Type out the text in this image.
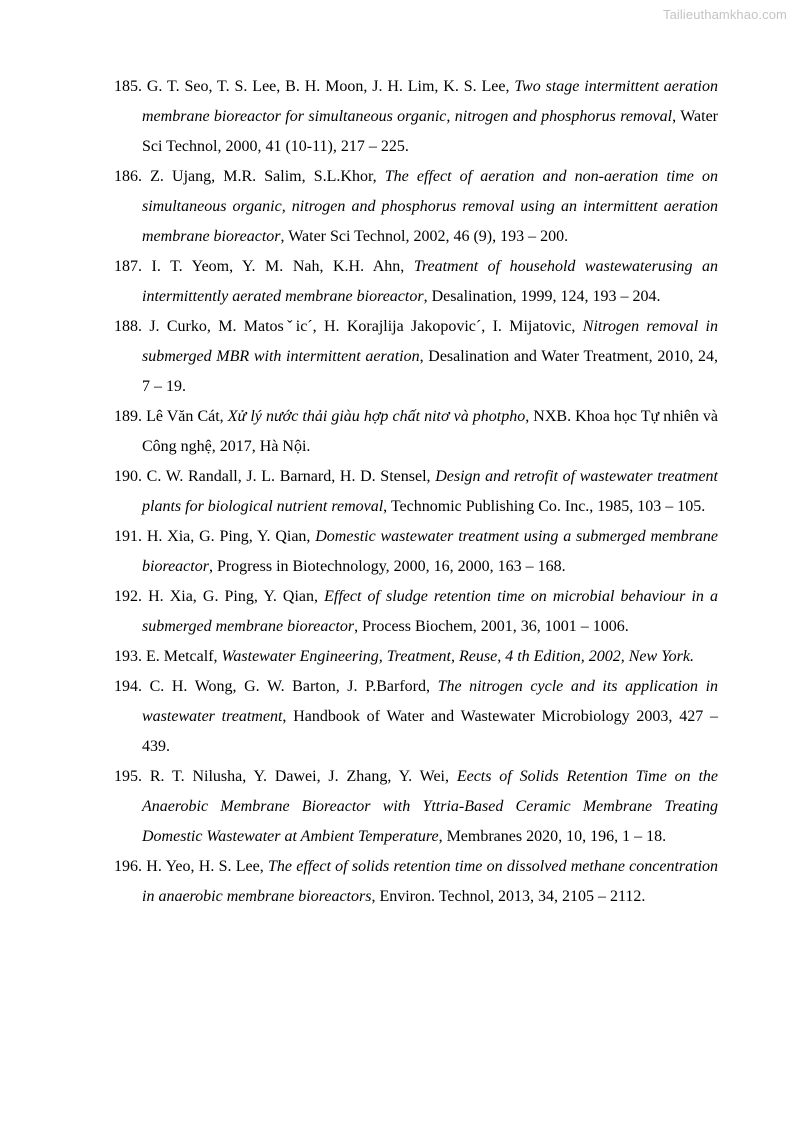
Tailieuthamkhao.com
185. G. T. Seo, T. S. Lee, B. H. Moon, J. H. Lim, K. S. Lee, Two stage intermittent aeration membrane bioreactor for simultaneous organic, nitrogen and phosphorus removal, Water Sci Technol, 2000, 41 (10-11), 217 – 225.
186. Z. Ujang, M.R. Salim, S.L.Khor, The effect of aeration and non-aeration time on simultaneous organic, nitrogen and phosphorus removal using an intermittent aeration membrane bioreactor, Water Sci Technol, 2002, 46 (9), 193 – 200.
187. I. T. Yeom, Y. M. Nah, K.H. Ahn, Treatment of household wastewaterusing an intermittently aerated membrane bioreactor, Desalination, 1999, 124, 193 – 204.
188. J. Curko, M. Matosˇic´, H. Korajlija Jakopovic´, I. Mijatovic, Nitrogen removal in submerged MBR with intermittent aeration, Desalination and Water Treatment, 2010, 24, 7 – 19.
189. Lê Văn Cát, Xử lý nước thải giàu hợp chất nitơ và photpho, NXB. Khoa học Tự nhiên và Công nghệ, 2017, Hà Nội.
190. C. W. Randall, J. L. Barnard, H. D. Stensel, Design and retrofit of wastewater treatment plants for biological nutrient removal, Technomic Publishing Co. Inc., 1985, 103 – 105.
191. H. Xia, G. Ping, Y. Qian, Domestic wastewater treatment using a submerged membrane bioreactor, Progress in Biotechnology, 2000, 16, 2000, 163 – 168.
192. H. Xia, G. Ping, Y. Qian, Effect of sludge retention time on microbial behaviour in a submerged membrane bioreactor, Process Biochem, 2001, 36, 1001 – 1006.
193. E. Metcalf, Wastewater Engineering, Treatment, Reuse, 4 th Edition, 2002, New York.
194. C. H. Wong, G. W. Barton, J. P.Barford, The nitrogen cycle and its application in wastewater treatment, Handbook of Water and Wastewater Microbiology 2003, 427 – 439.
195. R. T. Nilusha, Y. Dawei, J. Zhang, Y. Wei, Eects of Solids Retention Time on the Anaerobic Membrane Bioreactor with Yttria-Based Ceramic Membrane Treating Domestic Wastewater at Ambient Temperature, Membranes 2020, 10, 196, 1 – 18.
196. H. Yeo, H. S. Lee, The effect of solids retention time on dissolved methane concentration in anaerobic membrane bioreactors, Environ. Technol, 2013, 34, 2105 – 2112.
